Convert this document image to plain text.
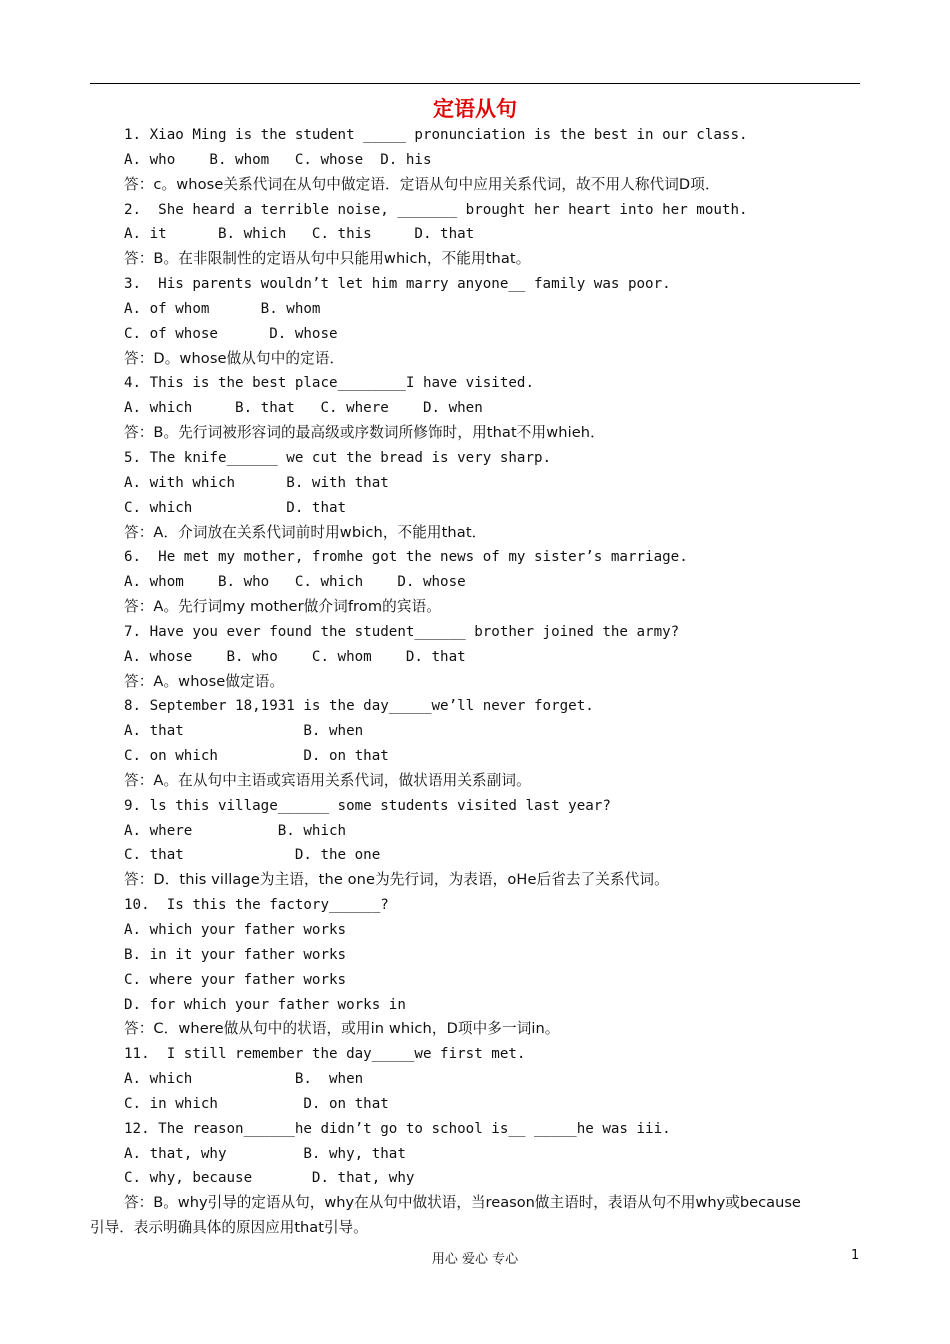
定语从句
1. Xiao Ming is the student _____ pronunciation is the best in our class.
A. who    B. whom   C. whose  D. his
答：c。whose关系代词在从句中做定语．定语从句中应用关系代词，故不用人称代词D项．
2.  She heard a terrible noise, _______ brought her heart into her mouth.
A. it      B. which   C. this     D. that
答：B。在非限制性的定语从句中只能用which，不能用that。
3.  His parents wouldn’t let him marry anyone__ family was poor.
A. of whom      B. whom
C. of whose      D. whose
答：D。whose做从句中的定语．
4. This is the best place________I have visited.
A. which     B. that   C. where    D. when
答：B。先行词被形容词的最高级或序数词所修饰时，用that不用whieh．
5. The knife______ we cut the bread is very sharp.
A. with which      B. with that
C. which           D. that
答：A．介词放在关系代词前时用wbich，不能用that．
6.  He met my mother, fromhe got the news of my sister’s marriage.
A. whom    B. who   C. which    D. whose
答：A。先行词my mother做介词from的宾语。
7. Have you ever found the student______ brother joined the army?
A. whose    B. who    C. whom    D. that
答：A。whose做定语。
8. September 18,1931 is the day_____we’ll never forget.
A. that              B. when
C. on which          D. on that
答：A。在从句中主语或宾语用关系代词，做状语用关系副词。
9. ls this village______ some students visited last year?
A. where          B. which
C. that             D. the one
答：D．this village为主语，the one为先行词，为表语，oHe后省去了关系代词。
10.  Is this the factory______?
A. which your father works
B. in it your father works
C. where your father works
D. for which your father works in
答：C．where做从句中的状语，或用in which，D项中多一词in。
11.  I still remember the day_____we first met.
A. which            B.  when
C. in which          D. on that
12. The reason______he didn’t go to school is__ _____he was iii.
A. that, why         B. why, that
C. why, because       D. that, why
答：B。why引导的定语从句，why在从句中做状语，当reason做主语时，表语从句不用why或because
引导．表示明确具体的原因应用that引导。
用心 爱心 专心	1
